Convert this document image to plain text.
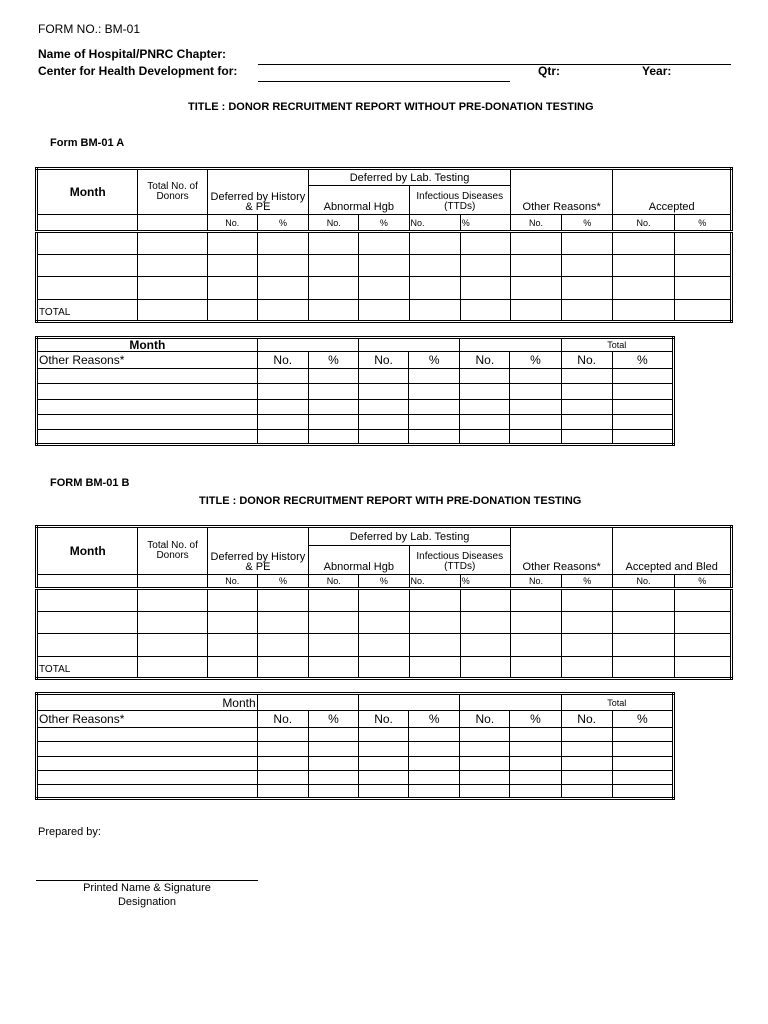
FORM NO.: BM-01
Name of Hospital/PNRC Chapter:
Center for Health Development for:	Qtr:	Year:
TITLE : DONOR RECRUITMENT REPORT WITHOUT PRE-DONATION TESTING
Form BM-01 A
Month	Total No. of Donors	Deferred by History & PE		Deferred by Lab. Testing				Other Reasons*		Accepted	
				Abnormal Hgb		Infectious Diseases (TTDs)					
		No.	%	No.	%	No.	%	No.	%	No.	%

TOTAL											
Month							Total	
Other Reasons*	No.	%	No.	%	No.	%	No.	%

FORM BM-01 B
TITLE : DONOR RECRUITMENT REPORT WITH PRE-DONATION TESTING
Month	Total No. of Donors	Deferred by History & PE		Deferred by Lab. Testing				Other Reasons*		Accepted and Bled	
				Abnormal Hgb		Infectious Diseases (TTDs)					
		No.	%	No.	%	No.	%	No.	%	No.	%

TOTAL											
Month							Total	
Other Reasons*	No.	%	No.	%	No.	%	No.	%

Prepared by:
Printed Name & Signature
Designation
